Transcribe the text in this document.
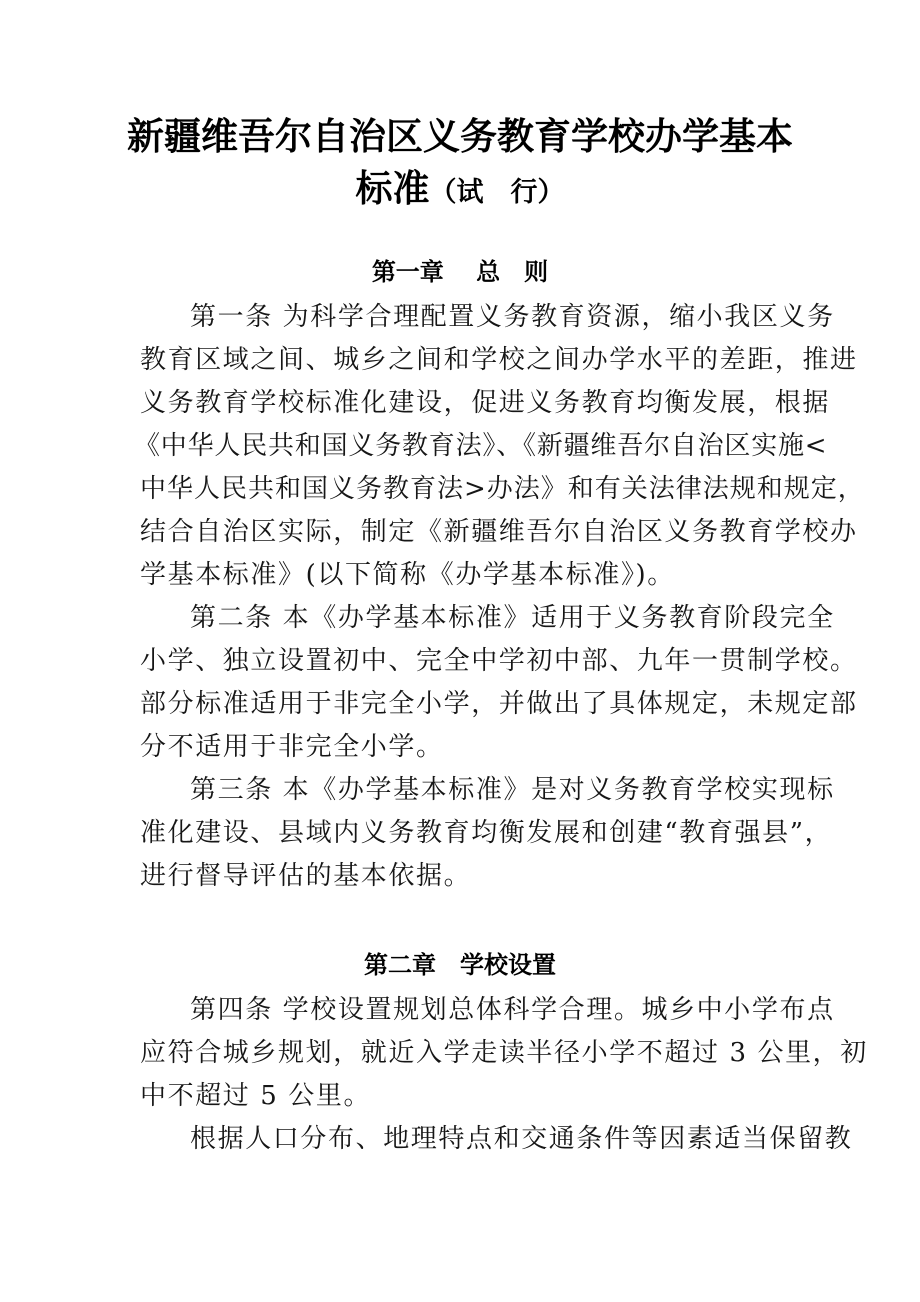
新疆维吾尔自治区义务教育学校办学基本
标准（试　行）
第一章　 总　则
第一条 为科学合理配置义务教育资源，缩小我区义务
教育区域之间、城乡之间和学校之间办学水平的差距，推进
义务教育学校标准化建设，促进义务教育均衡发展，根据
《中华人民共和国义务教育法》、《新疆维吾尔自治区实施<
中华人民共和国义务教育法>办法》和有关法律法规和规定，
结合自治区实际，制定《新疆维吾尔自治区义务教育学校办
学基本标准》(以下简称《办学基本标准》)。
第二条 本《办学基本标准》适用于义务教育阶段完全
小学、独立设置初中、完全中学初中部、九年一贯制学校。
部分标准适用于非完全小学，并做出了具体规定，未规定部
分不适用于非完全小学。
第三条 本《办学基本标准》是对义务教育学校实现标
准化建设、县域内义务教育均衡发展和创建“教育强县”，
进行督导评估的基本依据。
第二章　学校设置
第四条 学校设置规划总体科学合理。城乡中小学布点
应符合城乡规划，就近入学走读半径小学不超过 3 公里，初
中不超过 5 公里。
根据人口分布、地理特点和交通条件等因素适当保留教
